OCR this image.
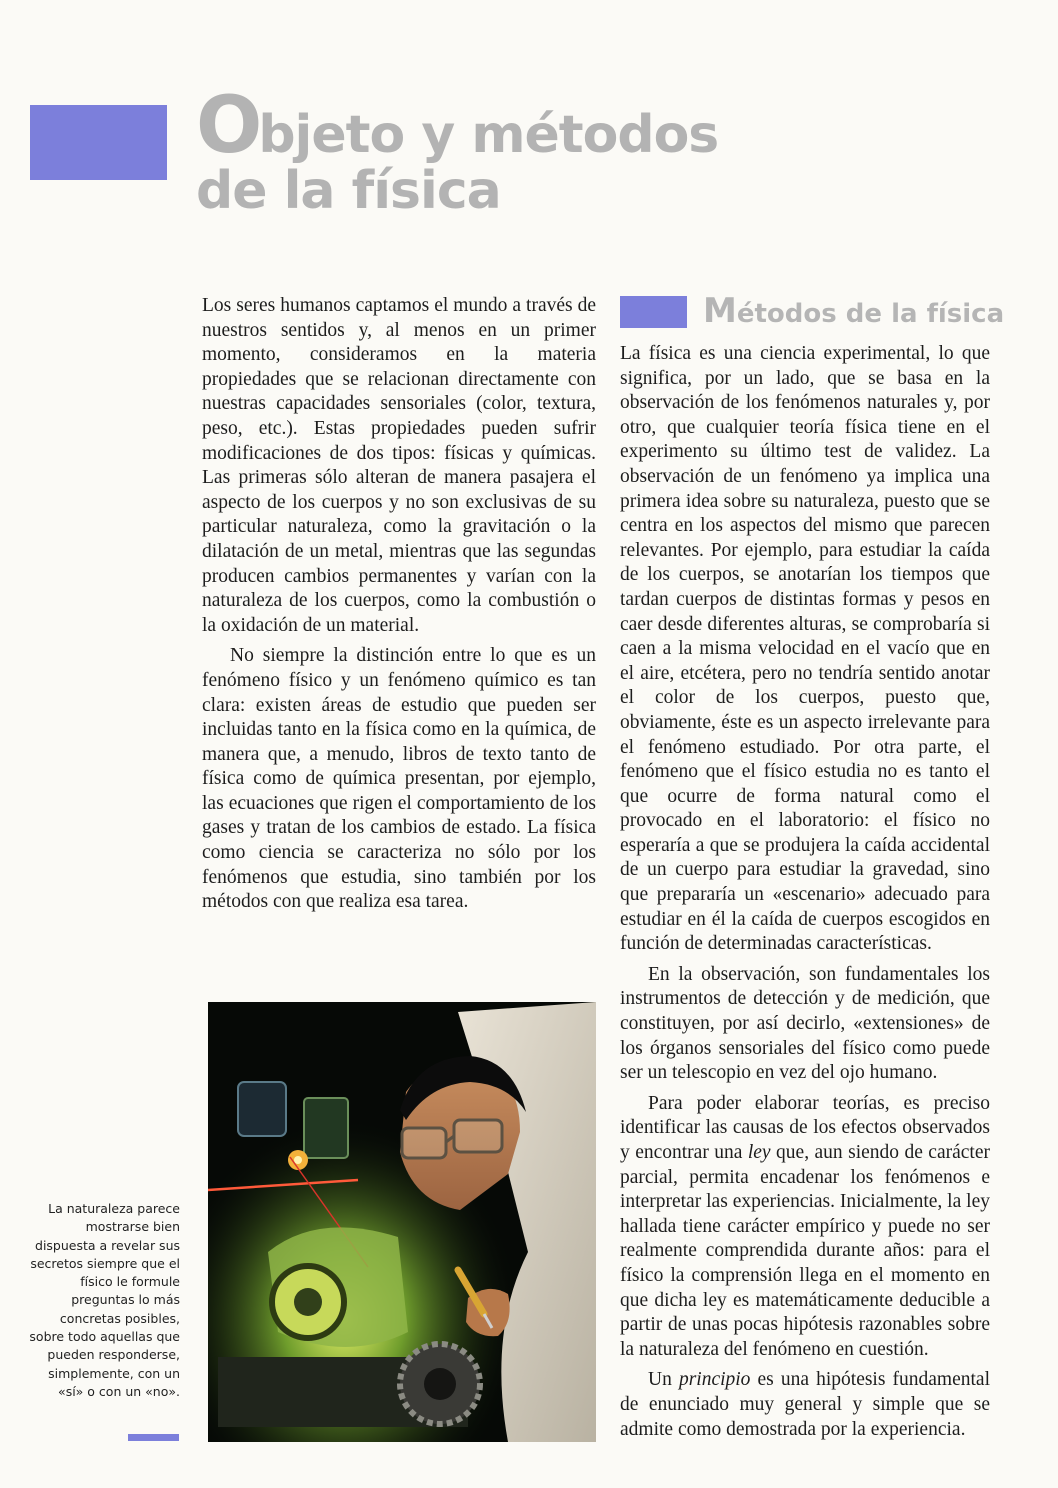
Objeto y métodos
de la física

Los seres humanos captamos el mundo a través de nuestros sentidos y, al menos en un primer momento, consideramos en la materia propiedades que se relacionan directamente con nuestras capacidades sensoriales (color, textura, peso, etc.). Estas propiedades pueden sufrir modificaciones de dos tipos: físicas y químicas. Las primeras sólo alteran de manera pasajera el aspecto de los cuerpos y no son exclusivas de su particular naturaleza, como la gravitación o la dilatación de un metal, mientras que las segundas producen cambios permanentes y varían con la naturaleza de los cuerpos, como la combustión o la oxidación de un material.

No siempre la distinción entre lo que es un fenómeno físico y un fenómeno químico es tan clara: existen áreas de estudio que pueden ser incluidas tanto en la física como en la química, de manera que, a menudo, libros de texto tanto de física como de química presentan, por ejemplo, las ecuaciones que rigen el comportamiento de los gases y tratan de los cambios de estado. La física como ciencia se caracteriza no sólo por los fenómenos que estudia, sino también por los métodos con que realiza esa tarea.

Métodos de la física

La física es una ciencia experimental, lo que significa, por un lado, que se basa en la observación de los fenómenos naturales y, por otro, que cualquier teoría física tiene en el experimento su último test de validez. La observación de un fenómeno ya implica una primera idea sobre su naturaleza, puesto que se centra en los aspectos del mismo que parecen relevantes. Por ejemplo, para estudiar la caída de los cuerpos, se anotarían los tiempos que tardan cuerpos de distintas formas y pesos en caer desde diferentes alturas, se comprobaría si caen a la misma velocidad en el vacío que en el aire, etcétera, pero no tendría sentido anotar el color de los cuerpos, puesto que, obviamente, éste es un aspecto irrelevante para el fenómeno estudiado. Por otra parte, el fenómeno que el físico estudia no es tanto el que ocurre de forma natural como el provocado en el laboratorio: el físico no esperaría a que se produjera la caída accidental de un cuerpo para estudiar la gravedad, sino que prepararía un «escenario» adecuado para estudiar en él la caída de cuerpos escogidos en función de determinadas características.

En la observación, son fundamentales los instrumentos de detección y de medición, que constituyen, por así decirlo, «extensiones» de los órganos sensoriales del físico como puede ser un telescopio en vez del ojo humano.

Para poder elaborar teorías, es preciso identificar las causas de los efectos observados y encontrar una ley que, aun siendo de carácter parcial, permita encadenar los fenómenos e interpretar las experiencias. Inicialmente, la ley hallada tiene carácter empírico y puede no ser realmente comprendida durante años: para el físico la comprensión llega en el momento en que dicha ley es matemáticamente deducible a partir de unas pocas hipótesis razonables sobre la naturaleza del fenómeno en cuestión.

Un principio es una hipótesis fundamental de enunciado muy general y simple que se admite como demostrada por la experiencia.

La naturaleza parece mostrarse bien dispuesta a revelar sus secretos siempre que el físico le formule preguntas lo más concretas posibles, sobre todo aquellas que pueden responderse, simplemente, con un «sí» o con un «no».
